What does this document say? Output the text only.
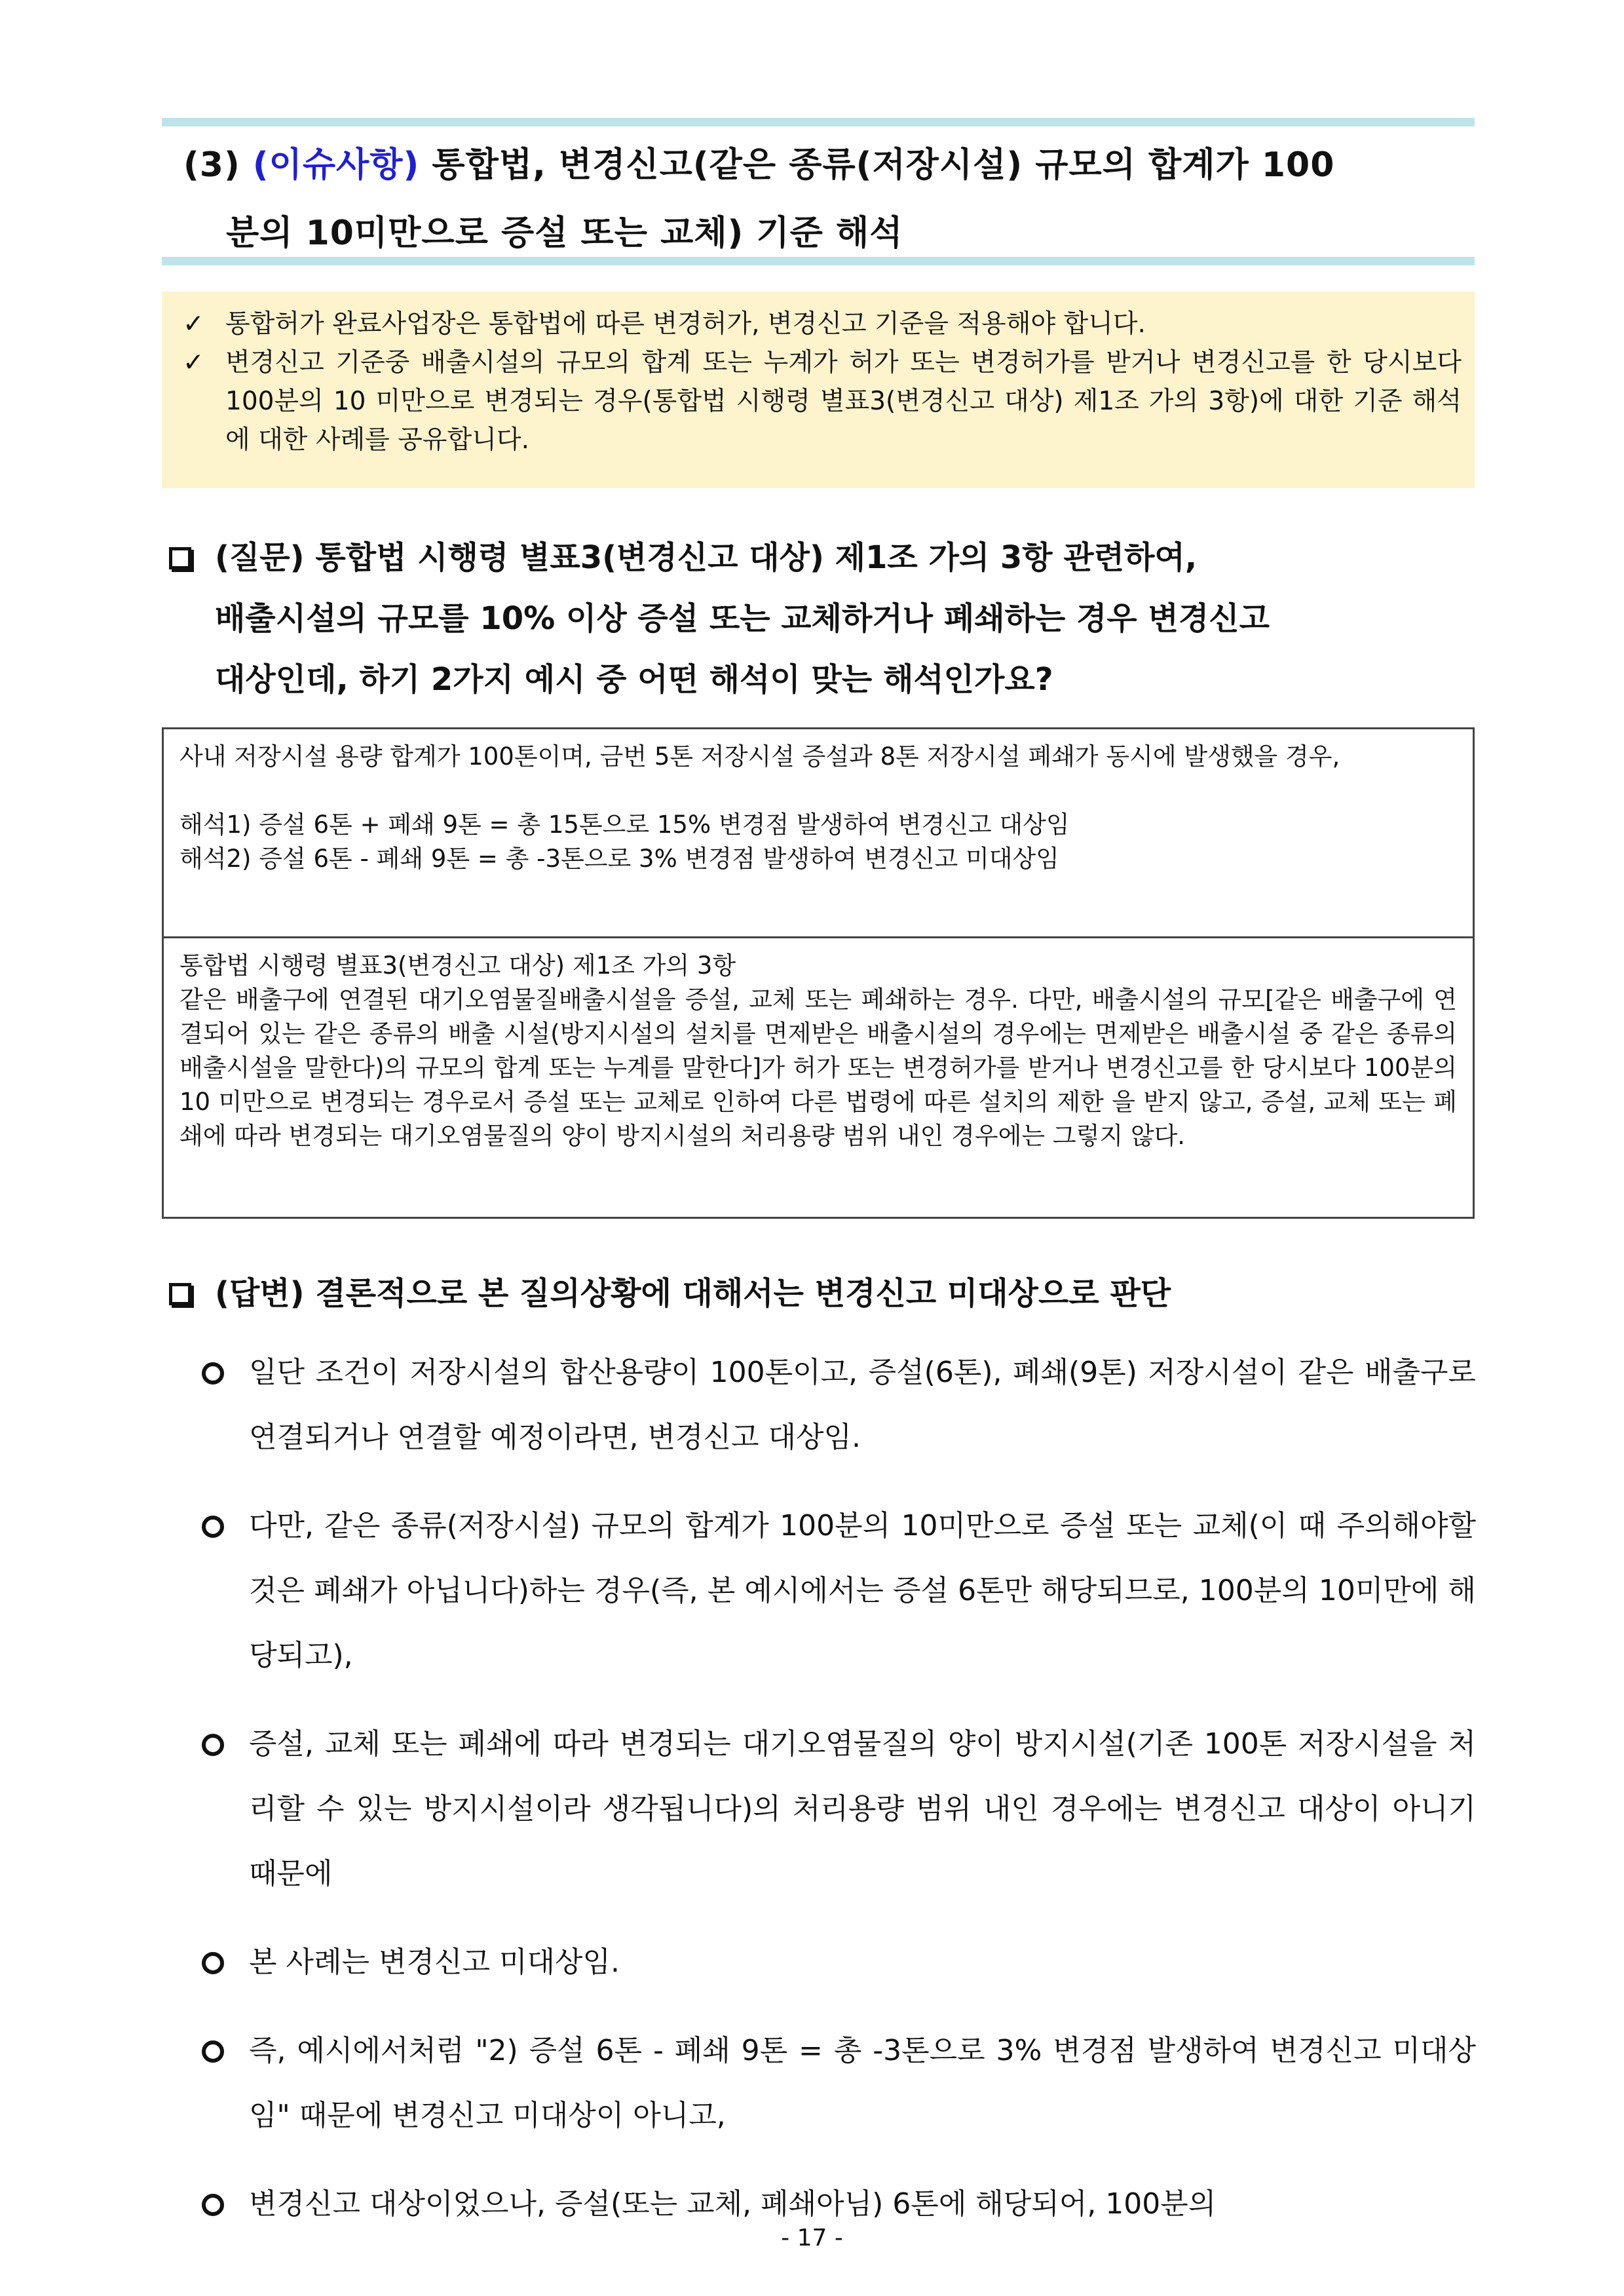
(3) (이슈사항) 통합법, 변경신고(같은 종류(저장시설) 규모의 합계가 100
분의 10미만으로 증설 또는 교체) 기준 해석
✓ 통합허가 완료사업장은 통합법에 따른 변경허가, 변경신고 기준을 적용해야 합니다.
✓ 변경신고 기준중 배출시설의 규모의 합계 또는 누계가 허가 또는 변경허가를 받거나 변경신고를 한 당시보다 100분의 10 미만으로 변경되는 경우(통합법 시행령 별표3(변경신고 대상) 제1조 가의 3항)에 대한 기준 해석에 대한 사례를 공유합니다.
(질문) 통합법 시행령 별표3(변경신고 대상) 제1조 가의 3항 관련하여,
배출시설의 규모를 10% 이상 증설 또는 교체하거나 폐쇄하는 경우 변경신고
대상인데, 하기 2가지 예시 중 어떤 해석이 맞는 해석인가요?

사내 저장시설 용량 합계가 100톤이며, 금번 5톤 저장시설 증설과 8톤 저장시설 폐쇄가 동시에 발생했을 경우,

해석1) 증설 6톤 + 폐쇄 9톤 = 총 15톤으로 15% 변경점 발생하여 변경신고 대상임

해석2) 증설 6톤 - 폐쇄 9톤 = 총 -3톤으로 3% 변경점 발생하여 변경신고 미대상임

통합법 시행령 별표3(변경신고 대상) 제1조 가의 3항

같은 배출구에 연결된 대기오염물질배출시설을 증설, 교체 또는 폐쇄하는 경우. 다만, 배출시설의 규모[같은 배출구에 연결되어 있는 같은 종류의 배출 시설(방지시설의 설치를 면제받은 배출시설의 경우에는 면제받은 배출시설 중 같은 종류의 배출시설을 말한다)의 규모의 합계 또는 누계를 말한다]가 허가 또는 변경허가를 받거나 변경신고를 한 당시보다 100분의 10 미만으로 변경되는 경우로서 증설 또는 교체로 인하여 다른 법령에 따른 설치의 제한 을 받지 않고, 증설, 교체 또는 폐쇄에 따라 변경되는 대기오염물질의 양이 방지시설의 처리용량 범위 내인 경우에는 그렇지 않다.

(답변) 결론적으로 본 질의상황에 대해서는 변경신고 미대상으로 판단
일단 조건이 저장시설의 합산용량이 100톤이고, 증설(6톤), 폐쇄(9톤) 저장시설이 같은 배출구로 연결되거나 연결할 예정이라면, 변경신고 대상임.
다만, 같은 종류(저장시설) 규모의 합계가 100분의 10미만으로 증설 또는 교체(이 때 주의해야할것은 폐쇄가 아닙니다)하는 경우(즉, 본 예시에서는 증설 6톤만 해당되므로, 100분의 10미만에 해당되고),
증설, 교체 또는 폐쇄에 따라 변경되는 대기오염물질의 양이 방지시설(기존 100톤 저장시설을 처리할 수 있는 방지시설이라 생각됩니다)의 처리용량 범위 내인 경우에는 변경신고 대상이 아니기 때문에
본 사례는 변경신고 미대상임.
즉, 예시에서처럼 "2) 증설 6톤 - 폐쇄 9톤 = 총 -3톤으로 3% 변경점 발생하여 변경신고 미대상임" 때문에 변경신고 미대상이 아니고,
변경신고 대상이었으나, 증설(또는 교체, 폐쇄아님) 6톤에 해당되어, 100분의
- 17 -
